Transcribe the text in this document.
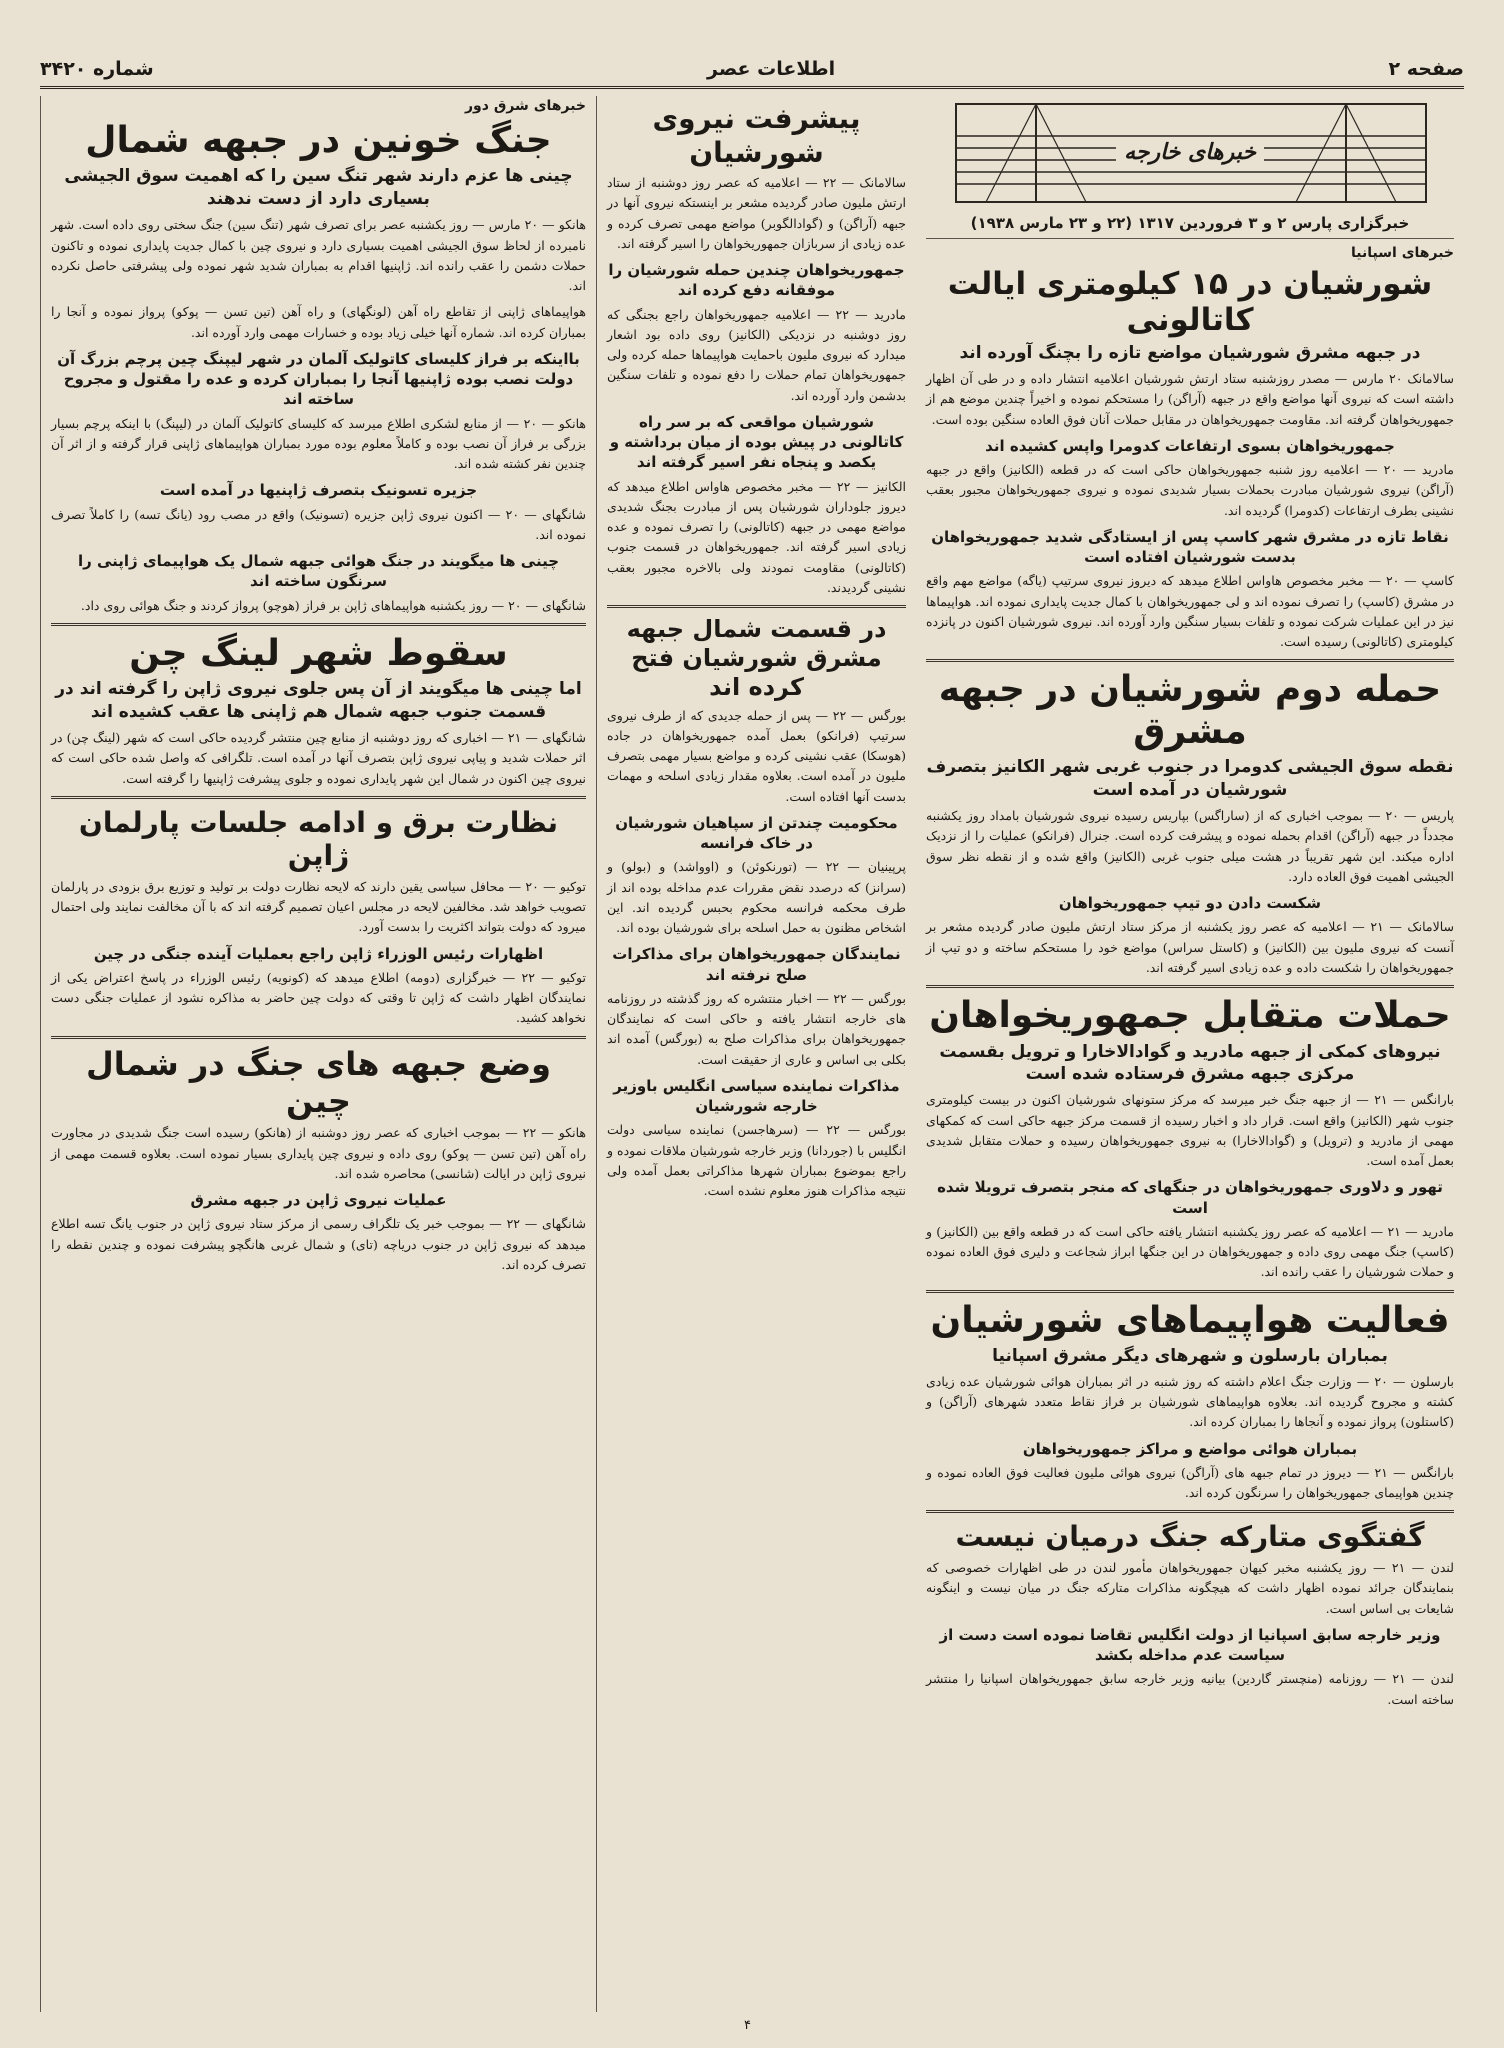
شماره ۳۴۲۰	اطلاعات عصر	صفحه ۲
خبرهای خارجه
خبرگزاری پارس ۲ و ۳ فروردین ۱۳۱۷ (۲۲ و ۲۳ مارس ۱۹۳۸)
خبرهای اسپانیا
شورشیان در ۱۵ کیلومتری ایالت کاتالونی
در جبهه مشرق شورشیان مواضع تازه را بچنگ آورده اند

سالامانک ۲۰ مارس — مصدر روزشنبه ستاد ارتش شورشیان اعلامیه انتشار داده و در طی آن اظهار داشته است که نیروی آنها مواضع واقع در جبهه (آراگن) را مستحکم نموده و اخیراً چندین موضع هم از جمهوریخواهان گرفته اند. مقاومت جمهوریخواهان در مقابل حملات آنان فوق العاده سنگین بوده است.

جمهوریخواهان بسوی ارتفاعات کدومرا واپس کشیده اند

مادرید — ۲۰ — اعلامیه روز شنبه جمهوریخواهان حاکی است که در قطعه (الکانیز) واقع در جبهه (آراگن) نیروی شورشیان مبادرت بحملات بسیار شدیدی نموده و نیروی جمهوریخواهان مجبور بعقب نشینی بطرف ارتفاعات (کدومرا) گردیده اند.

نقاط تازه در مشرق شهر کاسپ پس از ایستادگی شدید جمهوریخواهان بدست شورشیان افتاده است

کاسپ — ۲۰ — مخبر مخصوص هاواس اطلاع میدهد که دیروز نیروی سرتیپ (یاگه) مواضع مهم واقع در مشرق (کاسپ) را تصرف نموده اند و لی جمهوریخواهان با کمال جدیت پایداری نموده اند. هواپیماها نیز در این عملیات شرکت نموده و تلفات بسیار سنگین وارد آورده اند. نیروی شورشیان اکنون در پانزده کیلومتری (کاتالونی) رسیده است.

حمله دوم شورشیان در جبهه مشرق
نقطه سوق الجیشی کدومرا در جنوب غربی شهر الکانیز بتصرف شورشیان در آمده است

پاریس — ۲۰ — بموجب اخباری که از (ساراگس) بپاریس رسیده نیروی شورشیان بامداد روز یکشنبه مجدداً در جبهه (آراگن) اقدام بحمله نموده و پیشرفت کرده است. جنرال (فرانکو) عملیات را از نزدیک اداره میکند. این شهر تقریباً در هشت میلی جنوب غربی (الکانیز) واقع شده و از نقطه نظر سوق الجیشی اهمیت فوق العاده دارد.

شکست دادن دو تیپ جمهوریخواهان

سالامانک — ۲۱ — اعلامیه که عصر روز یکشنبه از مرکز ستاد ارتش ملیون صادر گردیده مشعر بر آنست که نیروی ملیون بین (الکانیز) و (کاستل سراس) مواضع خود را مستحکم ساخته و دو تیپ از جمهوریخواهان را شکست داده و عده زیادی اسیر گرفته اند.

حملات متقابل جمهوریخواهان
نیروهای کمکی از جبهه مادرید و گوادالاخارا و ترویل بقسمت مرکزی جبهه مشرق فرستاده شده است

بارانگس — ۲۱ — از جبهه جنگ خبر میرسد که مرکز ستونهای شورشیان اکنون در بیست کیلومتری جنوب شهر (الکانیز) واقع است. قرار داد و اخبار رسیده از قسمت مرکز جبهه حاکی است که کمکهای مهمی از مادرید و (ترویل) و (گوادالاخارا) به نیروی جمهوریخواهان رسیده و حملات متقابل شدیدی بعمل آمده است.

تهور و دلاوری جمهوریخواهان در جنگهای که منجر بتصرف ترویلا شده است

مادرید — ۲۱ — اعلامیه که عصر روز یکشنبه انتشار یافته حاکی است که در قطعه واقع بین (الکانیز) و (کاسپ) جنگ مهمی روی داده و جمهوریخواهان در این جنگها ابراز شجاعت و دلیری فوق العاده نموده و حملات شورشیان را عقب رانده اند.

فعالیت هواپیماهای شورشیان
بمباران بارسلون و شهرهای دیگر مشرق اسپانیا

بارسلون — ۲۰ — وزارت جنگ اعلام داشته که روز شنبه در اثر بمباران هوائی شورشیان عده زیادی کشته و مجروح گردیده اند. بعلاوه هواپیماهای شورشیان بر فراز نقاط متعدد شهرهای (آراگن) و (کاستلون) پرواز نموده و آنجاها را بمباران کرده اند.

بمباران هوائی مواضع و مراکز جمهوریخواهان

بارانگس — ۲۱ — دیروز در تمام جبهه های (آراگن) نیروی هوائی ملیون فعالیت فوق العاده نموده و چندین هواپیمای جمهوریخواهان را سرنگون کرده اند.

گفتگوی متارکه جنگ درمیان نیست

لندن — ۲۱ — روز یکشنبه مخبر کیهان جمهوریخواهان مأمور لندن در طی اظهارات خصوصی که بنمایندگان جرائد نموده اظهار داشت که هیچگونه مذاکرات متارکه جنگ در میان نیست و اینگونه شایعات بی اساس است.

وزیر خارجه سابق اسپانیا از دولت انگلیس تقاضا نموده است دست از سیاست عدم مداخله بکشد

لندن — ۲۱ — روزنامه (منچستر گاردین) بیانیه وزیر خارجه سابق جمهوریخواهان اسپانیا را منتشر ساخته است.

پیشرفت نیروی شورشیان

سالامانک — ۲۲ — اعلامیه که عصر روز دوشنبه از ستاد ارتش ملیون صادر گردیده مشعر بر اینستکه نیروی آنها در جبهه (آراگن) و (گوادالگوبر) مواضع مهمی تصرف کرده و عده زیادی از سربازان جمهوریخواهان را اسیر گرفته اند.

جمهوریخواهان چندین حمله شورشیان را موفقانه دفع کرده اند

مادرید — ۲۲ — اعلامیه جمهوریخواهان راجع بجنگی که روز دوشنبه در نزدیکی (الکانیز) روی داده بود اشعار میدارد که نیروی ملیون باحمایت هواپیماها حمله کرده ولی جمهوریخواهان تمام حملات را دفع نموده و تلفات سنگین بدشمن وارد آورده اند.

شورشیان مواقعی که بر سر راه کاتالونی در پیش بوده از میان برداشته و یکصد و پنجاه نفر اسیر گرفته اند

الکانیز — ۲۲ — مخبر مخصوص هاواس اطلاع میدهد که دیروز جلوداران شورشیان پس از مبادرت بجنگ شدیدی مواضع مهمی در جبهه (کاتالونی) را تصرف نموده و عده زیادی اسیر گرفته اند. جمهوریخواهان در قسمت جنوب (کاتالونی) مقاومت نمودند ولی بالاخره مجبور بعقب نشینی گردیدند.

در قسمت شمال جبهه مشرق شورشیان فتح کرده اند

بورگس — ۲۲ — پس از حمله جدیدی که از طرف نیروی سرتیپ (فرانکو) بعمل آمده جمهوریخواهان در جاده (هوسکا) عقب نشینی کرده و مواضع بسیار مهمی بتصرف ملیون در آمده است. بعلاوه مقدار زیادی اسلحه و مهمات بدست آنها افتاده است.

محکومیت چندتن از سپاهیان شورشیان در خاک فرانسه

پرپینیان — ۲۲ — (تورنکوئن) و (اوواشد) و (بولو) و (سرانز) که درصدد نقض مقررات عدم مداخله بوده اند از طرف محکمه فرانسه محکوم بحبس گردیده اند. این اشخاص مظنون به حمل اسلحه برای شورشیان بوده اند.

نمایندگان جمهوریخواهان برای مذاکرات صلح نرفته اند

بورگس — ۲۲ — اخبار منتشره که روز گذشته در روزنامه های خارجه انتشار یافته و حاکی است که نمایندگان جمهوریخواهان برای مذاکرات صلح به (بورگس) آمده اند بکلی بی اساس و عاری از حقیقت است.

مذاکرات نماینده سیاسی انگلیس باوزیر خارجه شورشیان

بورگس — ۲۲ — (سرهاجسن) نماینده سیاسی دولت انگلیس با (جوردانا) وزیر خارجه شورشیان ملاقات نموده و راجع بموضوع بمباران شهرها مذاکراتی بعمل آمده ولی نتیجه مذاکرات هنوز معلوم نشده است.

خبرهای شرق دور
جنگ خونین در جبهه شمال
چینی ها عزم دارند شهر تنگ سین را که اهمیت سوق الجیشی بسیاری دارد از دست ندهند

هانکو — ۲۰ مارس — روز یکشنبه عصر برای تصرف شهر (تنگ سین) جنگ سختی روی داده است. شهر نامبرده از لحاظ سوق الجیشی اهمیت بسیاری دارد و نیروی چین با کمال جدیت پایداری نموده و تاکنون حملات دشمن را عقب رانده اند. ژاپنیها اقدام به بمباران شدید شهر نموده ولی پیشرفتی حاصل نکرده اند.

هواپیماهای ژاپنی از تقاطع راه آهن (لونگهای) و راه آهن (تین تسن — پوکو) پرواز نموده و آنجا را بمباران کرده اند. شماره آنها خیلی زیاد بوده و خسارات مهمی وارد آورده اند.

بااینکه بر فراز کلیسای کاتولیک آلمان در شهر لیپنگ چین پرچم بزرگ آن دولت نصب بوده ژاپنیها آنجا را بمباران کرده و عده را مقتول و مجروح ساخته اند

هانکو — ۲۰ — از منابع لشکری اطلاع میرسد که کلیسای کاتولیک آلمان در (لیپنگ) با اینکه پرچم بسیار بزرگی بر فراز آن نصب بوده و کاملاً معلوم بوده مورد بمباران هواپیماهای ژاپنی قرار گرفته و از اثر آن چندین نفر کشته شده اند.

جزیره تسونیک بتصرف ژاپنیها در آمده است

شانگهای — ۲۰ — اکنون نیروی ژاپن جزیره (تسونیک) واقع در مصب رود (یانگ تسه) را کاملاً تصرف نموده اند.

چینی ها میگویند در جنگ هوائی جبهه شمال یک هواپیمای ژاپنی را سرنگون ساخته اند

شانگهای — ۲۰ — روز یکشنبه هواپیماهای ژاپن بر فراز (هوچو) پرواز کردند و جنگ هوائی روی داد.

سقوط شهر لینگ چن
اما چینی ها میگویند از آن پس جلوی نیروی ژاپن را گرفته اند در قسمت جنوب جبهه شمال هم ژاپنی ها عقب کشیده اند

شانگهای — ۲۱ — اخباری که روز دوشنبه از منابع چین منتشر گردیده حاکی است که شهر (لینگ چن) در اثر حملات شدید و پیاپی نیروی ژاپن بتصرف آنها در آمده است. تلگرافی که واصل شده حاکی است که نیروی چین اکنون در شمال این شهر پایداری نموده و جلوی پیشرفت ژاپنیها را گرفته است.

نظارت برق و ادامه جلسات پارلمان ژاپن

توکیو — ۲۰ — محافل سیاسی یقین دارند که لایحه نظارت دولت بر تولید و توزیع برق بزودی در پارلمان تصویب خواهد شد. مخالفین لایحه در مجلس اعیان تصمیم گرفته اند که با آن مخالفت نمایند ولی احتمال میرود که دولت بتواند اکثریت را بدست آورد.

اظهارات رئیس الوزراء ژاپن راجع بعملیات آینده جنگی در چین

توکیو — ۲۲ — خبرگزاری (دومه) اطلاع میدهد که (کونویه) رئیس الوزراء در پاسخ اعتراض یکی از نمایندگان اظهار داشت که ژاپن تا وقتی که دولت چین حاضر به مذاکره نشود از عملیات جنگی دست نخواهد کشید.

وضع جبهه های جنگ در شمال چین

هانکو — ۲۲ — بموجب اخباری که عصر روز دوشنبه از (هانکو) رسیده است جنگ شدیدی در مجاورت راه آهن (تین تسن — پوکو) روی داده و نیروی چین پایداری بسیار نموده است. بعلاوه قسمت مهمی از نیروی ژاپن در ایالت (شانسی) محاصره شده اند.

عملیات نیروی ژاپن در جبهه مشرق

شانگهای — ۲۲ — بموجب خبر یک تلگراف رسمی از مرکز ستاد نیروی ژاپن در جنوب یانگ تسه اطلاع میدهد که نیروی ژاپن در جنوب دریاچه (تای) و شمال غربی هانگچو پیشرفت نموده و چندین نقطه را تصرف کرده اند.

۴
